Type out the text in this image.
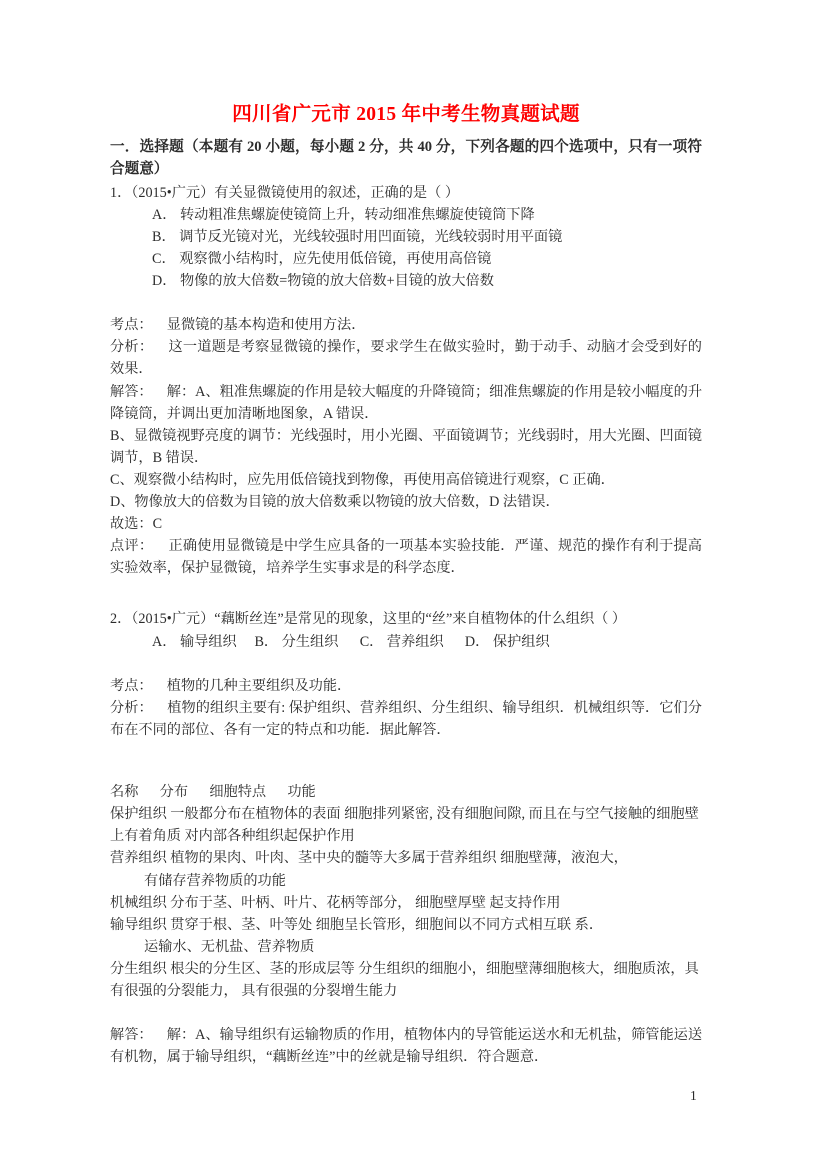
四川省广元市 2015 年中考生物真题试题

一．选择题（本题有 20 小题，每小题 2 分，共 40 分，下列各题的四个选项中，只有一项符合题意）

1．（2015•广元）有关显微镜使用的叙述，正确的是（ ）

A． 转动粗准焦螺旋使镜筒上升，转动细准焦螺旋使镜筒下降
B． 调节反光镜对光，光线较强时用凹面镜，光线较弱时用平面镜
C． 观察微小结构时，应先使用低倍镜，再使用高倍镜
D． 物像的放大倍数=物镜的放大倍数+目镜的放大倍数

考点： 显微镜的基本构造和使用方法．

分析： 这一道题是考察显微镜的操作，要求学生在做实验时，勤于动手、动脑才会受到好的效果．

解答： 解：A、粗准焦螺旋的作用是较大幅度的升降镜筒；细准焦螺旋的作用是较小幅度的升降镜筒，并调出更加清晰地图象，A 错误．

B、显微镜视野亮度的调节：光线强时，用小光圈、平面镜调节；光线弱时，用大光圈、凹面镜调节，B 错误．

C、观察微小结构时，应先用低倍镜找到物像，再使用高倍镜进行观察，C 正确．

D、物像放大的倍数为目镜的放大倍数乘以物镜的放大倍数，D 法错误．

故选：C

点评： 正确使用显微镜是中学生应具备的一项基本实验技能．严谨、规范的操作有利于提高实验效率，保护显微镜，培养学生实事求是的科学态度．

2．（2015•广元）“藕断丝连”是常见的现象，这里的“丝”来自植物体的什么组织（ ）

A． 输导组织     B． 分生组织      C． 营养组织      D． 保护组织

考点： 植物的几种主要组织及功能．

分析： 植物的组织主要有: 保护组织、营养组织、分生组织、输导组织．机械组织等．它们分布在不同的部位、各有一定的特点和功能．据此解答．

名称      分布      细胞特点      功能

保护组织 一般都分布在植物体的表面 细胞排列紧密, 没有细胞间隙, 而且在与空气接触的细胞壁上有着角质 对内部各种组织起保护作用

营养组织 植物的果肉、叶肉、茎中央的髓等大多属于营养组织 细胞壁薄，液泡大，

有储存营养物质的功能

机械组织 分布于茎、叶柄、叶片、花柄等部分， 细胞壁厚壁 起支持作用

输导组织 贯穿于根、茎、叶等处 细胞呈长管形，细胞间以不同方式相互联 系．

运输水、无机盐、营养物质

分生组织 根尖的分生区、茎的形成层等 分生组织的细胞小，细胞壁薄细胞核大，细胞质浓，具有很强的分裂能力， 具有很强的分裂增生能力

解答： 解：A、输导组织有运输物质的作用，植物体内的导管能运送水和无机盐，筛管能运送有机物，属于输导组织，“藕断丝连”中的丝就是输导组织．符合题意．

1
